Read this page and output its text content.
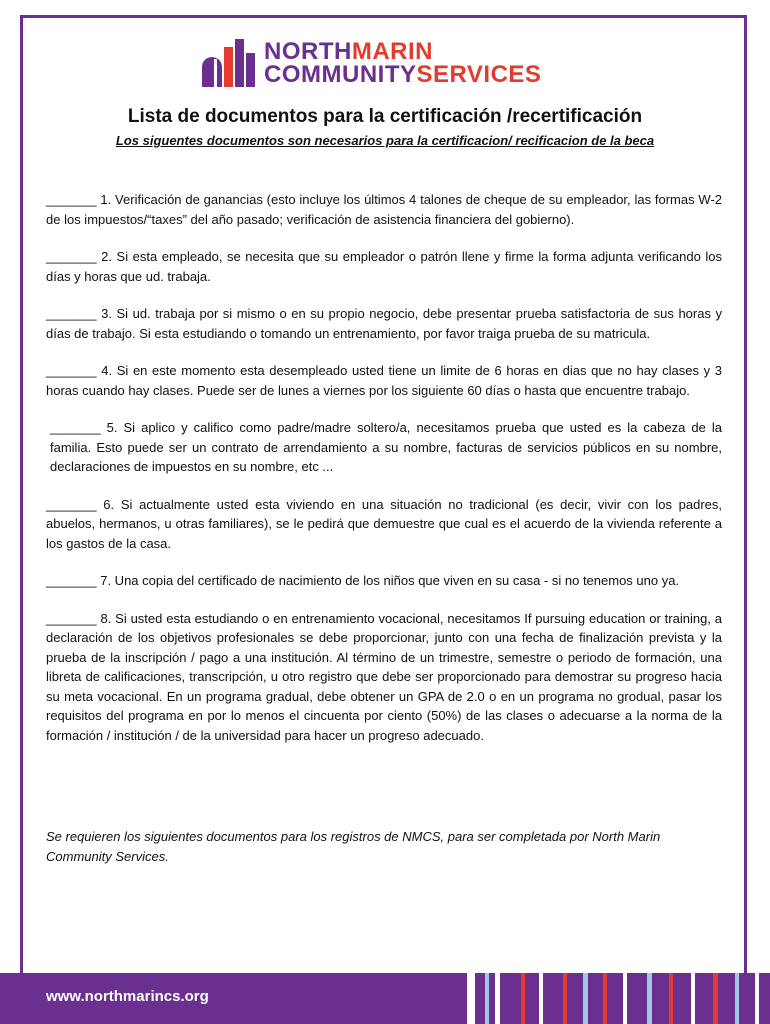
NORTHMARIN
COMMUNITYSERVICES
Lista de documentos para la certificación /recertificación
Los siguentes documentos son necesarios para la certificacion/ recificacion de la beca

_______ 1. Verificación de ganancias (esto incluye los últimos 4 talones de cheque de su empleador, las formas W-2 de los impuestos/“taxes” del año pasado; verificación de asistencia financiera del gobierno).

_______ 2. Si esta empleado, se necesita que su empleador o patrón llene y firme la forma adjunta verificando los días y horas que ud. trabaja.

_______ 3. Si ud. trabaja por si mismo o en su propio negocio, debe presentar prueba satisfactoria de sus horas y días de trabajo. Si esta estudiando o tomando un entrenamiento, por favor traiga prueba de su matricula.

_______ 4. Si en este momento esta desempleado usted tiene un limite de 6 horas en dias que no hay clases y 3 horas cuando hay clases. Puede ser de lunes a viernes por los siguiente 60 días o hasta que encuentre trabajo.

_______ 5. Si aplico y califico como padre/madre soltero/a, necesitamos prueba que usted es la cabeza de la familia. Esto puede ser un contrato de arrendamiento a su nombre, facturas de servicios públicos en su nombre, declaraciones de impuestos en su nombre, etc ...

_______ 6. Si actualmente usted esta viviendo en una situación no tradicional (es decir, vivir con los padres, abuelos, hermanos, u otras familiares), se le pedirá que demuestre que cual es el acuerdo de la vivienda referente a los gastos de la casa.

_______ 7. Una copia del certificado de nacimiento de los niños que viven en su casa - si no tenemos uno ya.

_______ 8. Si usted esta estudiando o en entrenamiento vocacional, necesitamos If pursuing education or training, a declaración de los objetivos profesionales se debe proporcionar, junto con una fecha de finalización prevista y la prueba de la inscripción / pago a una institución. Al término de un trimestre, semestre o periodo de formación, una libreta de calificaciones, transcripción, u otro registro que debe ser proporcionado para demostrar su progreso hacia su meta vocacional. En un programa gradual, debe obtener un GPA de 2.0 o en un programa no grodual, pasar los requisitos del programa en por lo menos el cincuenta por ciento (50%) de las clases o adecuarse a la norma de la formación / institución / de la universidad para hacer un progreso adecuado.

Se requieren los siguientes documentos para los registros de NMCS, para ser completada por North Marin Community Services.
www.northmarincs.org
